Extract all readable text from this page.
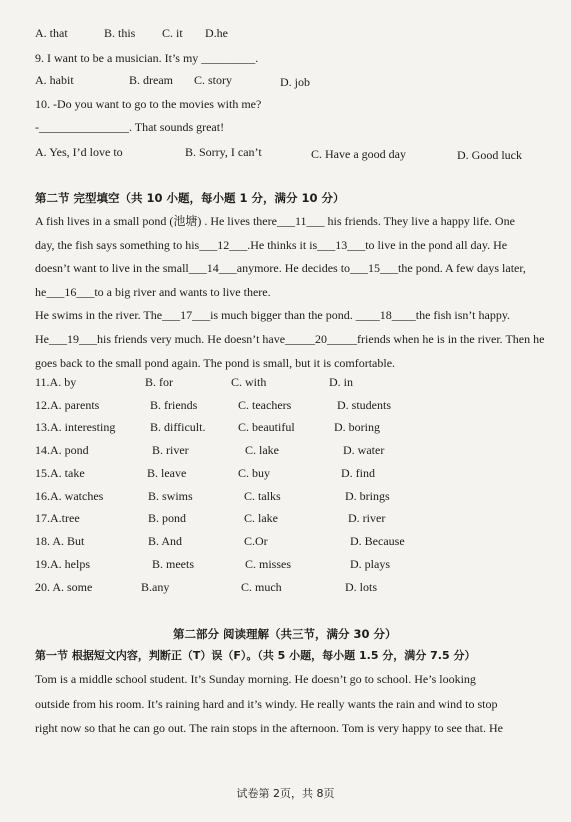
A. that	B. this C. it D.he
9. I want to be a musician. It’s my _________.
A. habit	B. dream C. story	D. job
10. -Do you want to go to the movies with me?
-_______________. That sounds great!
A. Yes, I’d love to	B. Sorry, I can’t	C. Have a good day	D. Good luck
第二节 完型填空（共 10 小题，每小题 1 分，满分 10 分）

A fish lives in a small pond (池塘) . He lives there___11___ his friends. They live a happy life. One

day, the fish says something to his___12___.He thinks it is___13___to live in the pond all day. He

doesn’t want to live in the small___14___anymore. He decides to___15___the pond. A few days later,

he___16___to a big river and wants to live there.

He swims in the river. The___17___is much bigger than the pond. ____18____the fish isn’t happy.

He___19___his friends very much. He doesn’t have_____20_____friends when he is in the river. Then he

goes back to the small pond again. The pond is small, but it is comfortable.

11.A. by	B. for	C. with	D. in
12.A. parents	B. friends	C. teachers	D. students
13.A. interesting	B. difficult.	C. beautiful	D. boring
14.A. pond	B. river	C. lake	D. water
15.A. take	B. leave	C. buy	D. find
16.A. watches	B. swims	C. talks	D. brings
17.A.tree	B. pond	C. lake	D. river
18. A. But	B. And	C.Or	D. Because
19.A. helps	B. meets	C. misses	D. plays
20. A. some	B.any	C. much	D. lots
第二部分 阅读理解（共三节，满分 30 分）
第一节 根据短文内容，判断正（T）误（F）。（共 5 小题，每小题 1.5 分，满分 7.5 分）

Tom is a middle school student. It’s Sunday morning. He doesn’t go to school. He’s looking

outside from his room. It’s raining hard and it’s windy. He really wants the rain and wind to stop

right now so that he can go out. The rain stops in the afternoon. Tom is very happy to see that. He

试卷第 2页，共 8页
